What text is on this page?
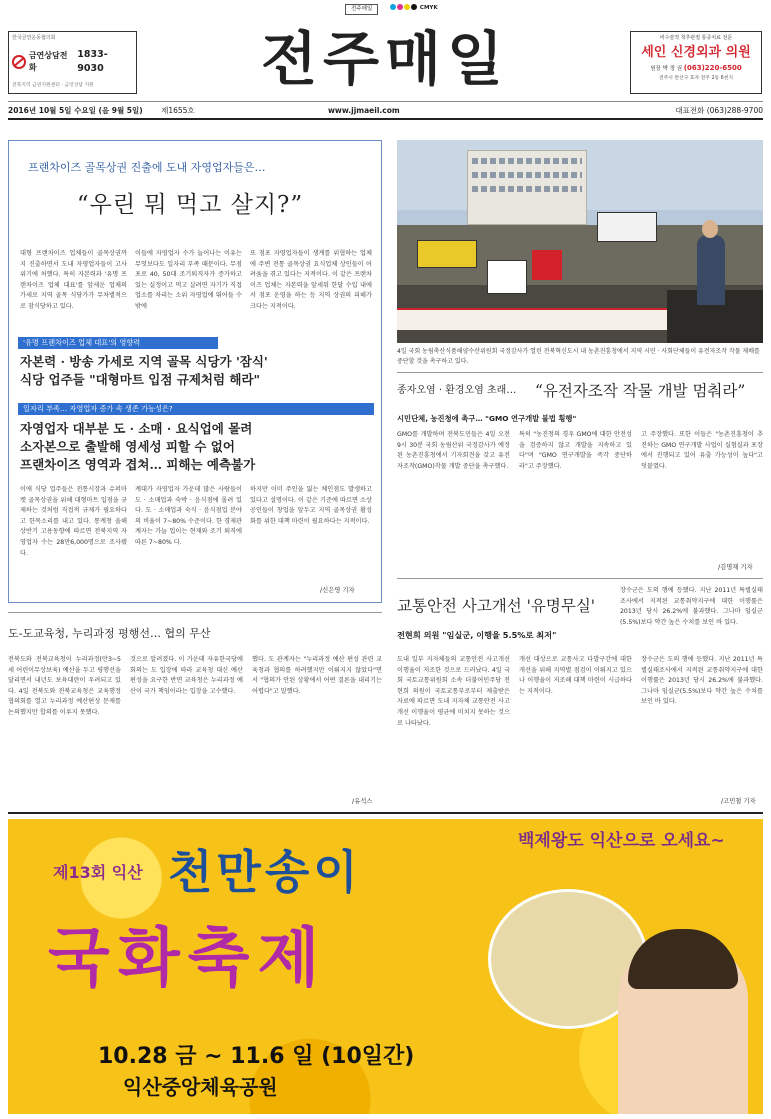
전주매일	CMYK
한국금연운동협의회
금연상담전화
1833-9030
전북지역 금연지원센터 · 금연상담 지원	전주매일	비수술적 척추관절 통증치료 전문
세인 신경외과 의원
원장 박 정 권 (063)220-6500
전주시 완산구 효자 전주 2동 6천지
2016년 10월 5일 수요일 (음 9월 5일) 제1655호	www.jjmaeil.com	대표전화 (063)288-9700
프랜차이즈 골목상권 진출에 도내 자영업자들은…
“우린 뭐 먹고 살지?”
대형 프랜차이즈 업체들이 골목상권까지 진출하면서 도내 자영업자들이 고사 위기에 처했다. 특히 자본력과 '유명 프랜차이즈 업체 대표'를 앞세운 업체의 가세로 지역 골목 식당가가 무차별적으로 잠식당하고 있다.
이들에 자영업자 수가 늘어나는 이유는 무엇보다도 일자리 부족 때문이다. 무점포로 40, 50대 조기퇴직자가 증가하고 있는 실정이고 먹고 살려면 자기가 직접 업소를 차리는 소위 자영업에 뛰어들 수 밖에
또 점포 자영업자들이 생계를 위협하는 업체에 주변 전통 골목상권 요식업체 상인들이 어려움을 겪고 있다는 지적이다. 이 같은 프랜차이즈 업체는 자본력을 앞세워 한달 수입 내에서 점포 운영을 하는 등 지역 상권의 피해가 크다는 지적이다.
'유명 프랜차이즈 업체 대표'의 영향력
자본력 · 방송 가세로 지역 골목 식당가 '잠식'
식당 업주들 "대형마트 입점 규제처럼 해라"
일자리 부족… 자영업자 증가 속 생존 가능성은?
자영업자 대부분 도 · 소매 · 요식업에 몰려
소자본으로 출발해 영세성 피할 수 없어
프랜차이즈 영역과 겹쳐… 피해는 예측불가
이에 식당 업주들은 전통시장과 슈퍼마켓 골목상권을 위해 대형마트 입점을 규제하는 것처럼 직접적 규제가 필요하다고 한목소리를 내고 있다. 통계청 올해 상반기 고용동향에 따르면 전북지역 자영업자 수는 28만6,000명으로 조사됐다.
계대가 자영업자 가운데 많은 사람들이 도 · 소매업과 숙박 · 음식점에 몰려 있다. 도 · 소매업과 숙식 · 음식점업 분야의 비율이 7~80% 수준이다. 한 경제관계자는 가늘 업이는 현재와 조기 퇴직에 따른 7~80% 다.
하지만 이미 주인을 잃는 체인점도 발생하고 있다고 설명이다. 이 같은 기준에 따르면 소상공인들이 창업을 앞두고 지역 골목상권 활성화를 위한 대책 마련이 필요하다는 지적이다.
/신은영 기자
4일 국회 농림축산식품해양수산위원회 국정감사가 열린 전북혁신도시 내 농촌진흥청에서 지역 시민 · 사회단체들이 유전자조작 작물 재배를 중단할 것을 촉구하고 있다.
종자오염 · 환경오염 초래… “유전자조작 작물 개발 멈춰라”
시민단체, 농진청에 촉구… "GMO 연구개발 불법 횡행"
GMO를 개발하며 전북도민들은 4일 오전 9시 30분 국회 농림산위 국정감사가 예정된 농촌진흥청에서 기자회견을 갖고 유전자조작(GMO)작물 개발 중단을 촉구했다.
특히 "농진청의 경우 GMO에 대한 안전성을 검증하지 않고 개발을 지속하고 있다"며 "GMO 연구개발을 즉각 중단하라"고 주장했다.
고 주장했다. 또한 이들은 "농촌진흥청이 추진하는 GMO 연구개발 사업이 실험실과 포장에서 진행되고 있어 유출 가능성이 높다"고 덧붙였다.
/김명재 기자
교통안전 사고개선 '유명무실'
전현희 의원 "임실군, 이행율 5.5%로 최저"
장수군은 도의 행에 등했다. 지난 2011년 특별실태조사에서 지적된 교통취약지구에 대한 이행률은 2013년 당시 26.2%에 불과했다. 그나마 임실군(5.5%)보다 약간 높은 수치를 보인 바 있다.
도내 일부 지자체들의 교통안전 사고개선 이행율이 저조한 것으로 드러났다. 4일 국회 국토교통위원회 소속 더불어민주당 전현희 의원이 국토교통부로부터 제출받은 자료에 따르면 도내 지자체 교통안전 사고개선 이행율이 평균에 미치지 못하는 것으로 나타났다.
개선 대상으로 교통사고 다발구간에 대한 개선을 위해 지역별 점검이 이뤄지고 있으나 이행율이 저조해 대책 마련이 시급하다는 지적이다.
장수군은 도의 행에 등했다. 지난 2011년 특별실태조사에서 지적된 교통취약지구에 대한 이행률은 2013년 당시 26.2%에 불과했다. 그나마 임실군(5.5%)보다 약간 높은 수치를 보인 바 있다.
/고민철 기자
도-도교육청, 누리과정 평행선… 협의 무산
전북도와 전북교육청이 누리과정(만3~5세 어린이무상보육) 예산을 두고 평행선을 달리면서 내년도 보육대란이 우려되고 있다. 4일 전북도와 전북교육청은 교육행정협의회를 열고 누리과정 예산편성 문제를 논의했지만 합의를 이루지 못했다.
것으로 알려졌다. 이 가운데 자유한국당에 회의는 도 입장에 따라 교육청 대신 예산 편성을 요구한 반면 교육청은 누리과정 예산이 국가 책임이라는 입장을 고수했다.
했다. 도 관계자는 "누리과정 예산 편성 관련 교육청과 협의를 하려했지만 이뤄지지 않았다"면서 "협의가 안된 상황에서 어떤 결론을 내리기는 어렵다"고 말했다.
/유석스
제13회 익산 천만송이
국화축제
백제왕도 익산으로 오세요~
10.28 금 ~ 11.6 일 (10일간)
익산중앙체육공원
